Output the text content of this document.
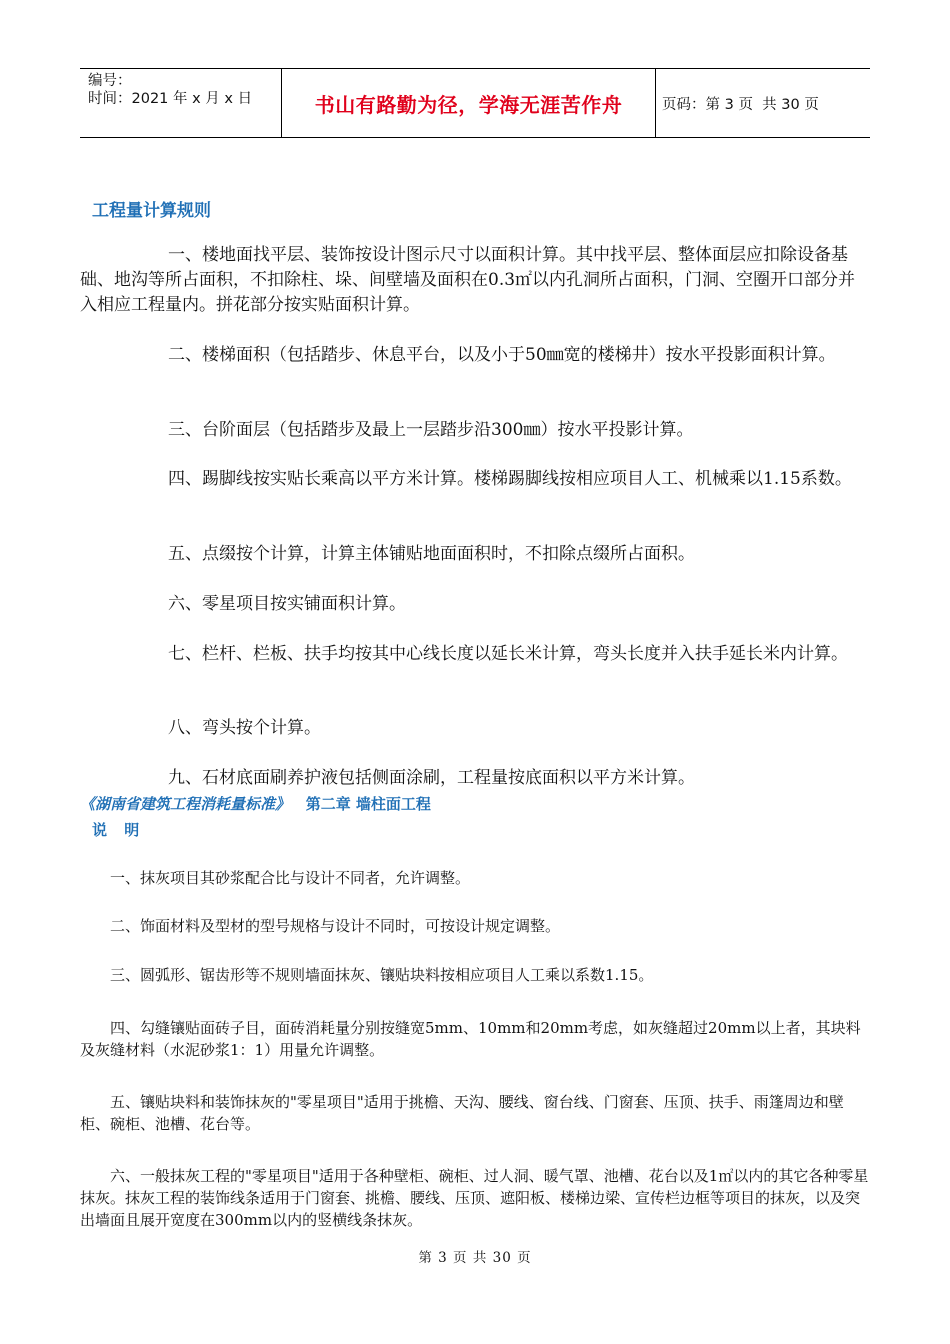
编号：
时间：2021 年 x 月 x 日	书山有路勤为径，学海无涯苦作舟	页码：第 3 页  共 30 页
工程量计算规则

一、楼地面找平层、装饰按设计图示尺寸以面积计算。其中找平层、整体面层应扣除设备基础、地沟等所占面积，不扣除柱、垛、间壁墙及面积在0.3㎡以内孔洞所占面积，门洞、空圈开口部分并入相应工程量内。拼花部分按实贴面积计算。

二、楼梯面积（包括踏步、休息平台，以及小于50㎜宽的楼梯井）按水平投影面积计算。

三、台阶面层（包括踏步及最上一层踏步沿300㎜）按水平投影计算。

四、踢脚线按实贴长乘高以平方米计算。楼梯踢脚线按相应项目人工、机械乘以1.15系数。

五、点缀按个计算，计算主体铺贴地面面积时，不扣除点缀所占面积。

六、零星项目按实铺面积计算。

七、栏杆、栏板、扶手均按其中心线长度以延长米计算，弯头长度并入扶手延长米内计算。

八、弯头按个计算。

九、石材底面刷养护液包括侧面涂刷，工程量按底面积以平方米计算。

《湖南省建筑工程消耗量标准》 第二章 墙柱面工程
说 明

一、抹灰项目其砂浆配合比与设计不同者，允许调整。

二、饰面材料及型材的型号规格与设计不同时，可按设计规定调整。

三、圆弧形、锯齿形等不规则墙面抹灰、镶贴块料按相应项目人工乘以系数1.15。

四、勾缝镶贴面砖子目，面砖消耗量分别按缝宽5mm、10mm和20mm考虑，如灰缝超过20mm以上者，其块料及灰缝材料（水泥砂浆1：1）用量允许调整。

五、镶贴块料和装饰抹灰的"零星项目"适用于挑檐、天沟、腰线、窗台线、门窗套、压顶、扶手、雨篷周边和壁柜、碗柜、池槽、花台等。

六、一般抹灰工程的"零星项目"适用于各种壁柜、碗柜、过人洞、暖气罩、池槽、花台以及1㎡以内的其它各种零星抹灰。抹灰工程的装饰线条适用于门窗套、挑檐、腰线、压顶、遮阳板、楼梯边梁、宣传栏边框等项目的抹灰，以及突出墙面且展开宽度在300mm以内的竖横线条抹灰。

第 3 页 共 30 页
